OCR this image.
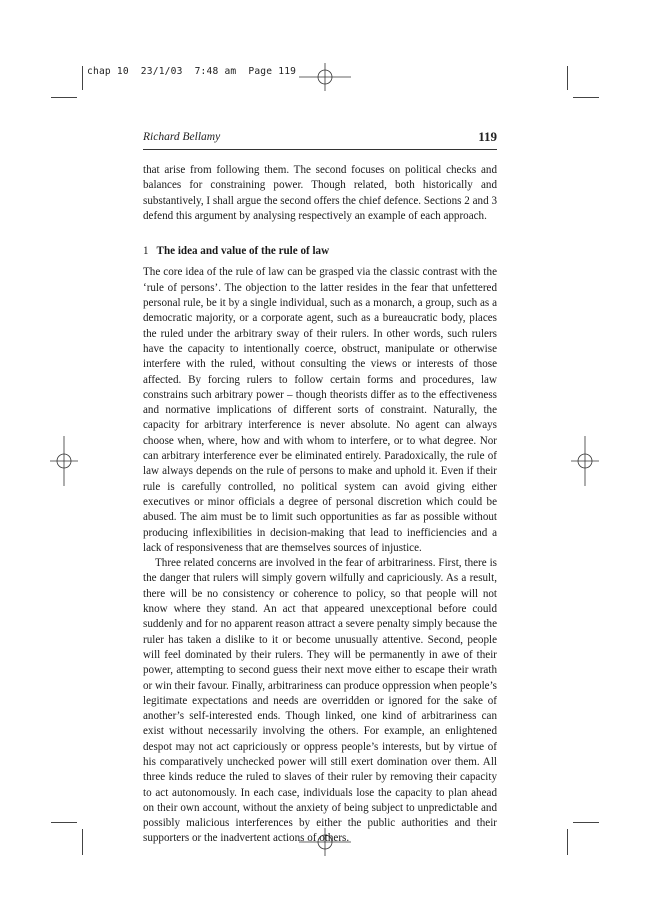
chap 10  23/1/03  7:48 am  Page 119
Richard Bellamy	119

that arise from following them. The second focuses on political checks and balances for constraining power. Though related, both historically and substantively, I shall argue the second offers the chief defence. Sections 2 and 3 defend this argument by analysing respectively an example of each approach.

1 The idea and value of the rule of law

The core idea of the rule of law can be grasped via the classic contrast with the ‘rule of persons’. The objection to the latter resides in the fear that unfettered personal rule, be it by a single individual, such as a monarch, a group, such as a democratic majority, or a corporate agent, such as a bureaucratic body, places the ruled under the arbitrary sway of their rulers. In other words, such rulers have the capacity to intentionally coerce, obstruct, manipulate or otherwise interfere with the ruled, without consulting the views or interests of those affected. By forcing rulers to follow certain forms and procedures, law constrains such arbitrary power – though theorists differ as to the effectiveness and normative implications of different sorts of constraint. Naturally, the capacity for arbitrary interference is never absolute. No agent can always choose when, where, how and with whom to interfere, or to what degree. Nor can arbitrary interference ever be eliminated entirely. Paradoxically, the rule of law always depends on the rule of persons to make and uphold it. Even if their rule is carefully controlled, no political system can avoid giving either executives or minor officials a degree of personal discretion which could be abused. The aim must be to limit such opportunities as far as possible without producing inflexibilities in decision-making that lead to inefficiencies and a lack of responsiveness that are themselves sources of injustice.

Three related concerns are involved in the fear of arbitrariness. First, there is the danger that rulers will simply govern wilfully and capriciously. As a result, there will be no consistency or coherence to policy, so that people will not know where they stand. An act that appeared unexceptional before could suddenly and for no apparent reason attract a severe penalty simply because the ruler has taken a dislike to it or become unusually attentive. Second, people will feel dominated by their rulers. They will be permanently in awe of their power, attempting to second guess their next move either to escape their wrath or win their favour. Finally, arbitrariness can produce oppression when people’s legitimate expectations and needs are overridden or ignored for the sake of another’s self-interested ends. Though linked, one kind of arbitrariness can exist without necessarily involving the others. For example, an enlightened despot may not act capriciously or oppress people’s interests, but by virtue of his comparatively unchecked power will still exert domination over them. All three kinds reduce the ruled to slaves of their ruler by removing their capacity to act autonomously. In each case, individuals lose the capacity to plan ahead on their own account, without the anxiety of being subject to unpredictable and possibly malicious interferences by either the public authorities and their supporters or the inadvertent actions of others.
